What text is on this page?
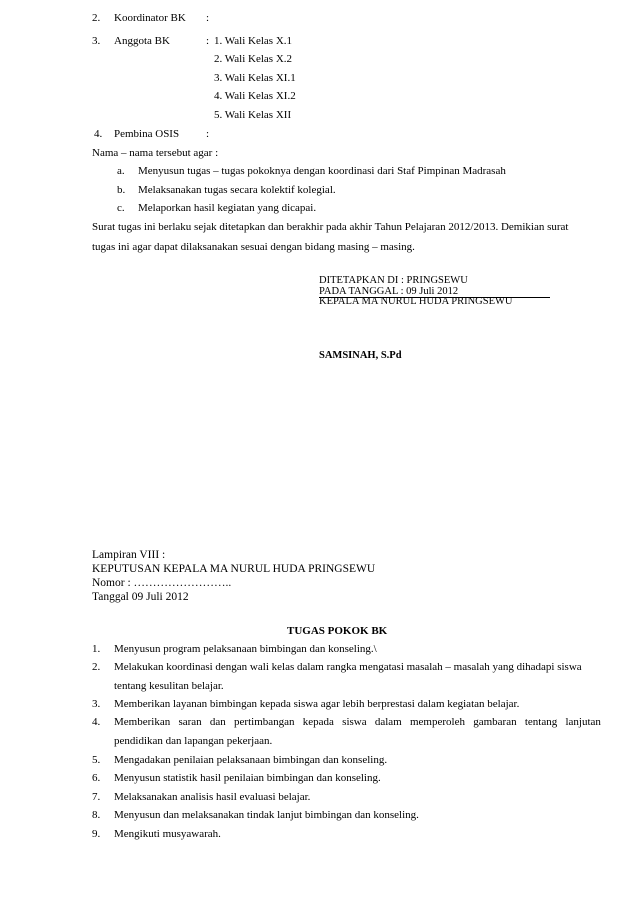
2. Koordinator BK :
3. Anggota BK	: 1. Wali Kelas X.1
2. Wali Kelas X.2
3. Wali Kelas XI.1
4. Wali Kelas XI.2
5. Wali Kelas XII
4. Pembina OSIS :
Nama – nama tersebut agar :
a. Menyusun tugas – tugas pokoknya dengan koordinasi dari Staf Pimpinan Madrasah
b. Melaksanakan tugas secara kolektif kolegial.
c. Melaporkan hasil kegiatan yang dicapai.
Surat tugas ini berlaku sejak ditetapkan dan berakhir pada akhir Tahun Pelajaran 2012/2013. Demikian surat
tugas ini agar dapat dilaksanakan sesuai dengan bidang masing – masing.
DITETAPKAN DI : PRINGSEWU
PADA TANGGAL : 09 Juli 2012
KEPALA MA NURUL HUDA PRINGSEWU
SAMSINAH, S.Pd
Lampiran VIII :
KEPUTUSAN KEPALA MA NURUL HUDA PRINGSEWU
Nomor : ……………………..
Tanggal 09 Juli 2012
TUGAS POKOK BK
1. Menyusun program pelaksanaan bimbingan dan konseling.\
2. Melakukan koordinasi dengan wali kelas dalam rangka mengatasi masalah – masalah yang dihadapi siswa
tentang kesulitan belajar.
3. Memberikan layanan bimbingan kepada siswa agar lebih berprestasi dalam kegiatan belajar.
4. Memberikan saran dan pertimbangan kepada siswa dalam memperoleh gambaran tentang lanjutan
pendidikan dan lapangan pekerjaan.
5. Mengadakan penilaian pelaksanaan bimbingan dan konseling.
6. Menyusun statistik hasil penilaian bimbingan dan konseling.
7. Melaksanakan analisis hasil evaluasi belajar.
8. Menyusun dan melaksanakan tindak lanjut bimbingan dan konseling.
9. Mengikuti musyawarah.
